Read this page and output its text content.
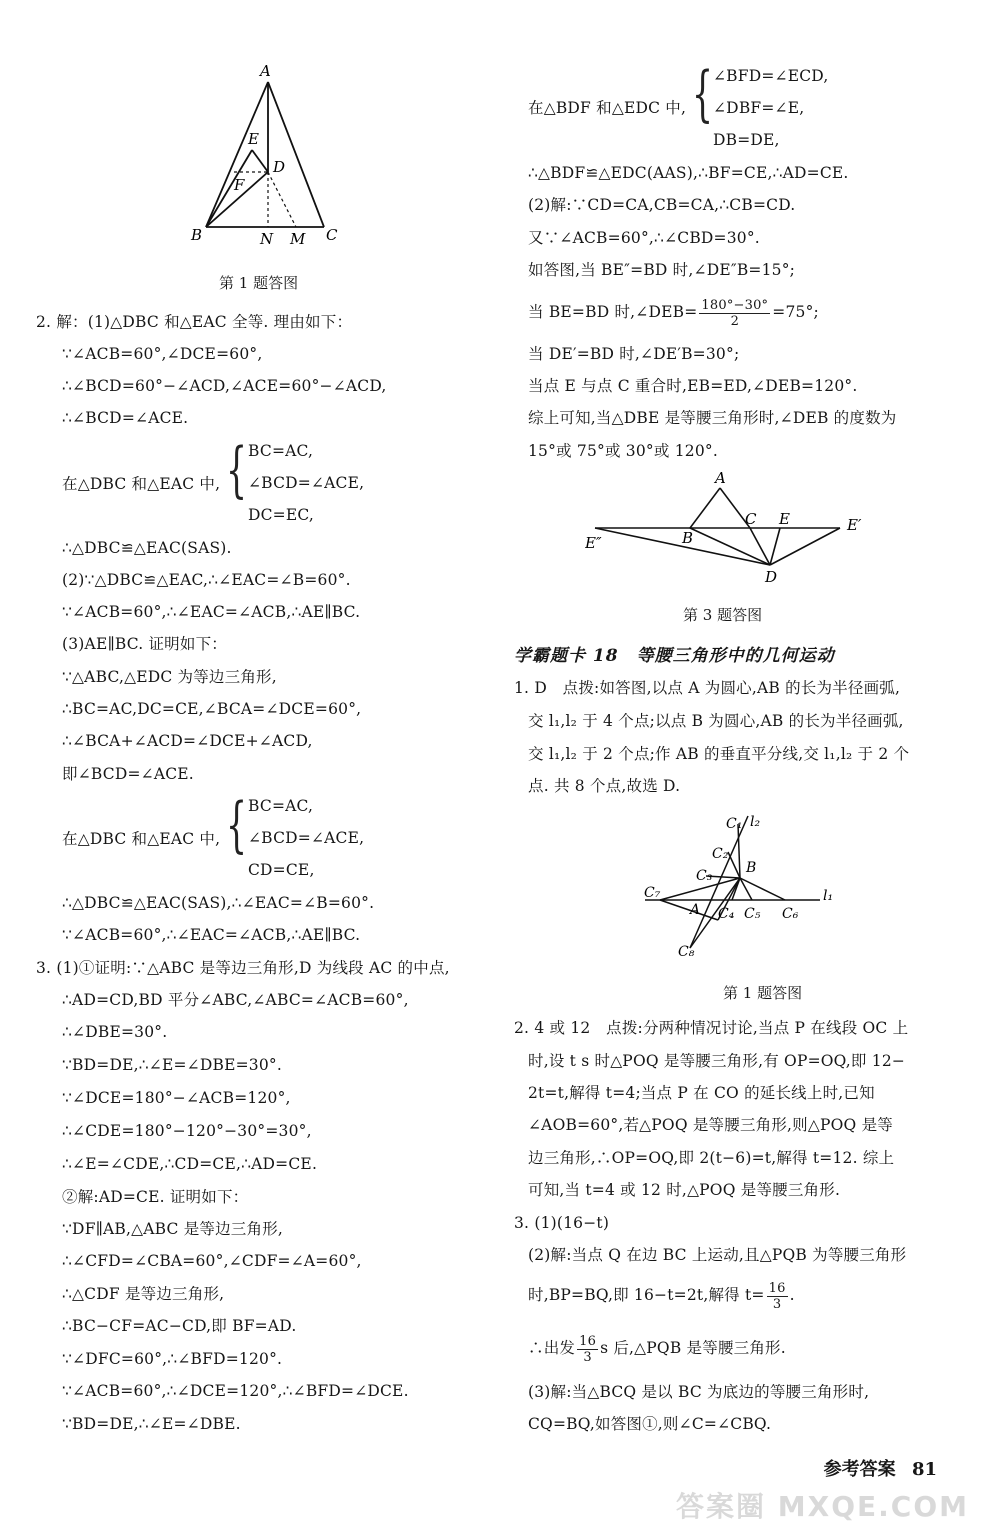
A
E
D
F
B	N M C
第 1 题答图
2. 解：(1)△DBC 和△EAC 全等. 理由如下：
∵∠ACB=60°,∠DCE=60°,
∴∠BCD=60°−∠ACD,∠ACE=60°−∠ACD,
∴∠BCD=∠ACE.
在△DBC 和△EAC 中, { BC=AC,
∠BCD=∠ACE,
DC=EC,
∴△DBC≌△EAC(SAS).
(2)∵△DBC≌△EAC,∴∠EAC=∠B=60°.
∵∠ACB=60°,∴∠EAC=∠ACB,∴AE∥BC.
(3)AE∥BC. 证明如下：
∵△ABC,△EDC 为等边三角形,
∴BC=AC,DC=CE,∠BCA=∠DCE=60°,
∴∠BCA+∠ACD=∠DCE+∠ACD,
即∠BCD=∠ACE.
在△DBC 和△EAC 中, { BC=AC,
∠BCD=∠ACE,
CD=CE,
∴△DBC≌△EAC(SAS),∴∠EAC=∠B=60°.
∵∠ACB=60°,∴∠EAC=∠ACB,∴AE∥BC.
3. (1)①证明:∵△ABC 是等边三角形,D 为线段 AC 的中点,
∴AD=CD,BD 平分∠ABC,∠ABC=∠ACB=60°,
∴∠DBE=30°.
∵BD=DE,∴∠E=∠DBE=30°.
∵∠DCE=180°−∠ACB=120°,
∴∠CDE=180°−120°−30°=30°,
∴∠E=∠CDE,∴CD=CE,∴AD=CE.
②解:AD=CE. 证明如下：
∵DF∥AB,△ABC 是等边三角形,
∴∠CFD=∠CBA=60°,∠CDF=∠A=60°,
∴△CDF 是等边三角形,
∴BC−CF=AC−CD,即 BF=AD.
∵∠DFC=60°,∴∠BFD=120°.
∵∠ACB=60°,∴∠DCE=120°,∴∠BFD=∠DCE.
∵BD=DE,∴∠E=∠DBE.
在△BDF 和△EDC 中, { ∠BFD=∠ECD,
∠DBF=∠E,
DB=DE,
∴△BDF≌△EDC(AAS),∴BF=CE,∴AD=CE.
(2)解:∵CD=CA,CB=CA,∴CB=CD.
又∵∠ACB=60°,∴∠CBD=30°.
如答图,当 BE″=BD 时,∠DE″B=15°;
当 BE=BD 时,∠DEB= $\frac{180^\circ-30^\circ}{2} =75^\circ$;
当 DE′=BD 时,∠DE′B=30°;
当点 E 与点 C 重合时,EB=ED,∠DEB=120°.
综上可知,当△DBE 是等腰三角形时,∠DEB 的度数为
15°或 75°或 30°或 120°.
A
C E	E′
E″	B
D
第 3 题答图
学霸题卡 18　等腰三角形中的几何运动
1. D　点拨:如答图,以点 A 为圆心,AB 的长为半径画弧,
交 l₁,l₂ 于 4 个点;以点 B 为圆心,AB 的长为半径画弧,
交 l₁,l₂ 于 2 个点;作 AB 的垂直平分线,交 l₁,l₂ 于 2 个
点. 共 8 个点,故选 D.
C₁ l₂
C₂
B
C₃
C₇
A C₄ C₅ C₆
l₁
C₈
第 1 题答图
2. 4 或 12　点拨:分两种情况讨论,当点 P 在线段 OC 上
时,设 t s 时△POQ 是等腰三角形,有 OP=OQ,即 12−
2t=t,解得 t=4;当点 P 在 CO 的延长线上时,已知
∠AOB=60°,若△POQ 是等腰三角形,则△POQ 是等
边三角形,∴OP=OQ,即 2(t−6)=t,解得 t=12. 综上
可知,当 t=4 或 12 时,△POQ 是等腰三角形.
3. (1)(16−t)
(2)解:当点 Q 在边 BC 上运动,且△PQB 为等腰三角形
时,BP=BQ,即 16−t=2t,解得 $t= \frac{16}{3}$ .
∴出发 $\frac{16}{3}$ s 后,△PQB 是等腰三角形.
(3)解:当△BCQ 是以 BC 为底边的等腰三角形时,
CQ=BQ,如答图①,则∠C=∠CBQ.
参考答案 81
答案圈 MXQE.COM
